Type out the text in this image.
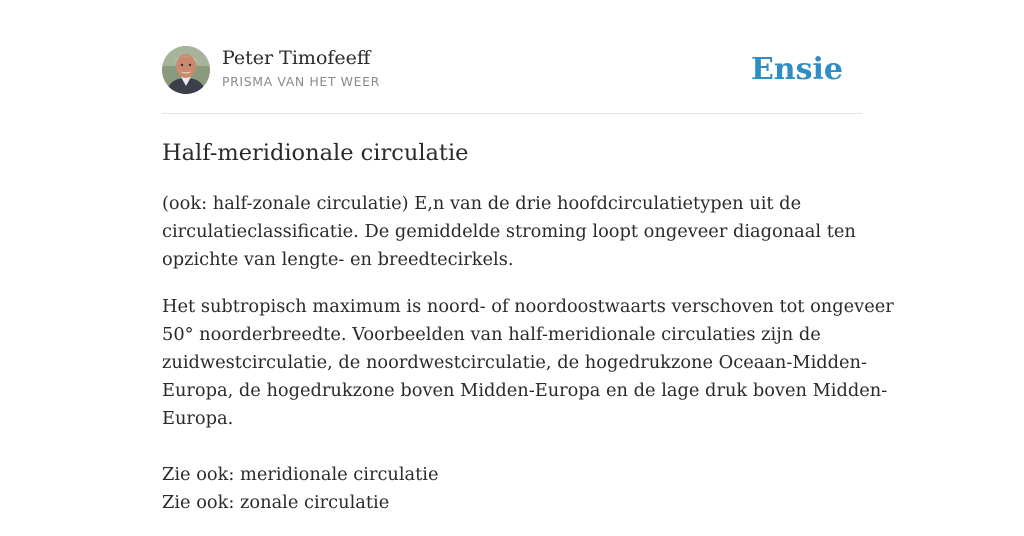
Peter Timofeeff
PRISMA VAN HET WEER	Ensie
Half-meridionale circulatie

(ook: half-zonale circulatie) E,n van de drie hoofdcirculatietypen uit de
circulatieclassificatie. De gemiddelde stroming loopt ongeveer diagonaal ten
opzichte van lengte- en breedtecirkels.

Het subtropisch maximum is noord- of noordoostwaarts verschoven tot ongeveer
50° noorderbreedte. Voorbeelden van half-meridionale circulaties zijn de
zuidwestcirculatie, de noordwestcirculatie, de hogedrukzone Oceaan-Midden-
Europa, de hogedrukzone boven Midden-Europa en de lage druk boven Midden-
Europa.
Zie ook: meridionale circulatie
Zie ook: zonale circulatie
